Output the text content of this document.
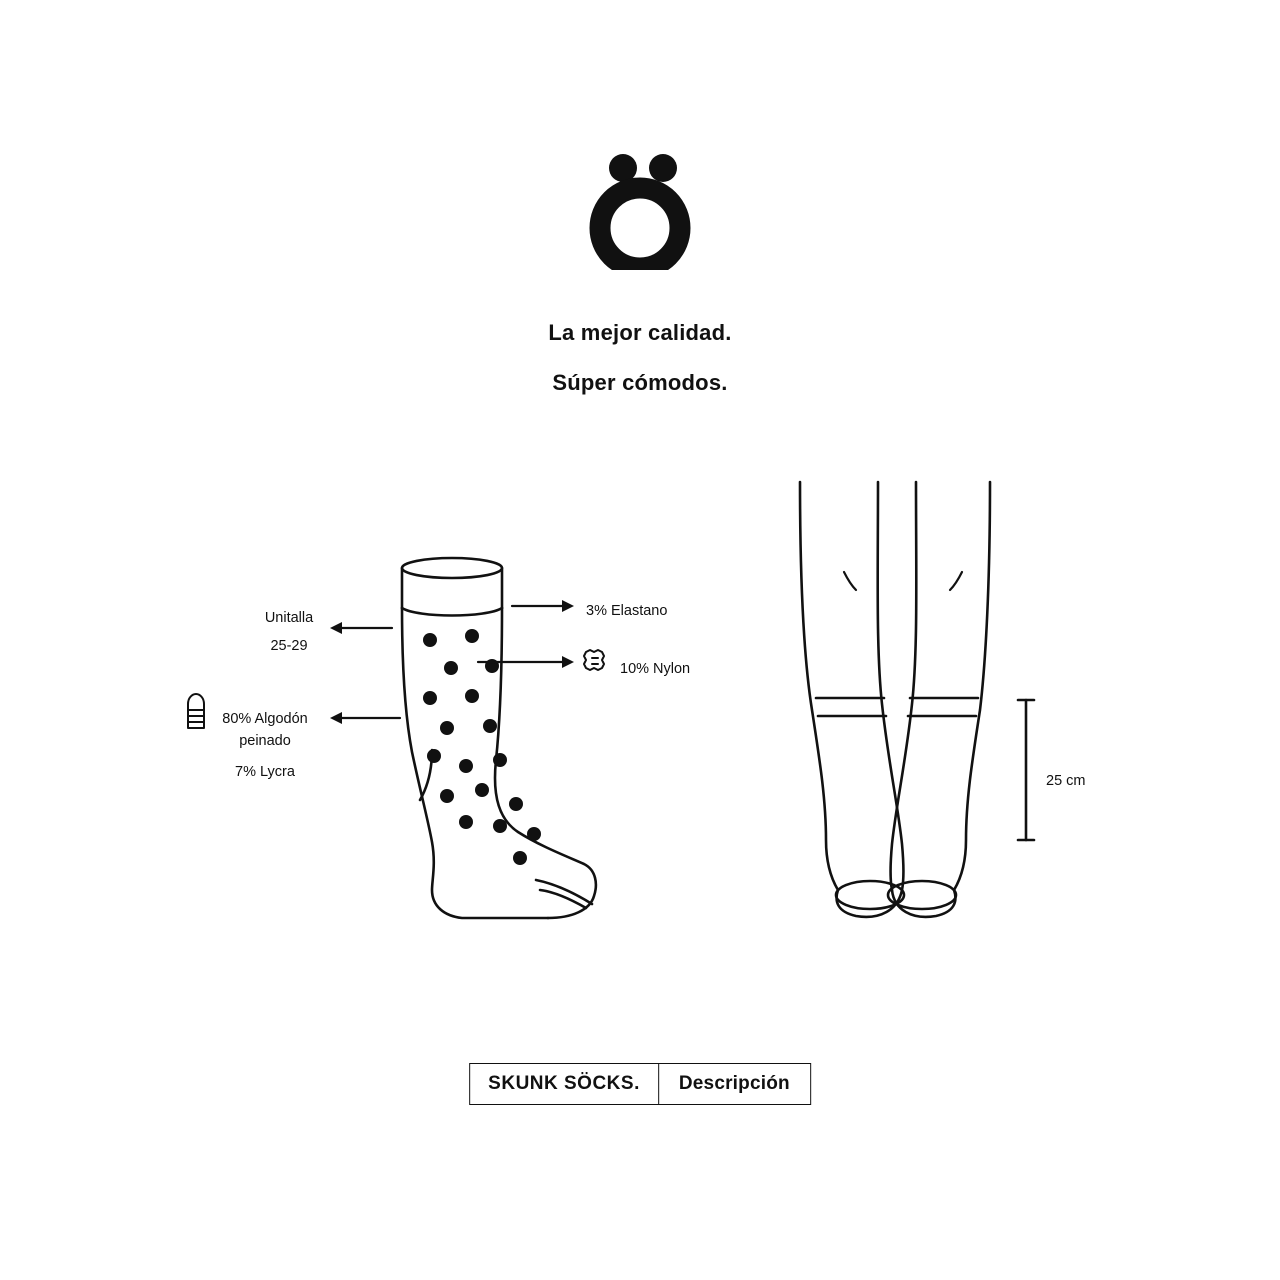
La mejor calidad.
Súper cómodos.
Unitalla
25-29
3% Elastano
10% Nylon
80% Algodón
peinado
7% Lycra
25 cm
SKUNK SÖCKS.	Descripción
